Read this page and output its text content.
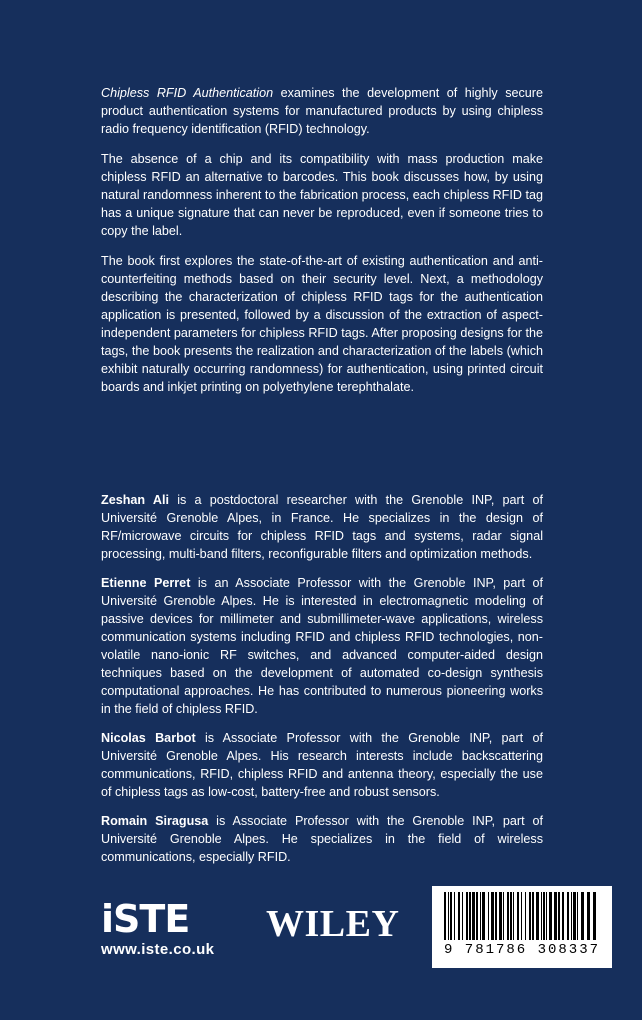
Chipless RFID Authentication examines the development of highly secure product authentication systems for manufactured products by using chipless radio frequency identification (RFID) technology.

The absence of a chip and its compatibility with mass production make chipless RFID an alternative to barcodes. This book discusses how, by using natural randomness inherent to the fabrication process, each chipless RFID tag has a unique signature that can never be reproduced, even if someone tries to copy the label.

The book first explores the state-of-the-art of existing authentication and anti-counterfeiting methods based on their security level. Next, a methodology describing the characterization of chipless RFID tags for the authentication application is presented, followed by a discussion of the extraction of aspect-independent parameters for chipless RFID tags. After proposing designs for the tags, the book presents the realization and characterization of the labels (which exhibit naturally occurring randomness) for authentication, using printed circuit boards and inkjet printing on polyethylene terephthalate.

Zeshan Ali is a postdoctoral researcher with the Grenoble INP, part of Université Grenoble Alpes, in France. He specializes in the design of RF/microwave circuits for chipless RFID tags and systems, radar signal processing, multi-band filters, reconfigurable filters and optimization methods.

Etienne Perret is an Associate Professor with the Grenoble INP, part of Université Grenoble Alpes. He is interested in electromagnetic modeling of passive devices for millimeter and submillimeter-wave applications, wireless communication systems including RFID and chipless RFID technologies, non-volatile nano-ionic RF switches, and advanced computer-aided design techniques based on the development of automated co-design synthesis computational approaches. He has contributed to numerous pioneering works in the field of chipless RFID.

Nicolas Barbot is Associate Professor with the Grenoble INP, part of Université Grenoble Alpes. His research interests include backscattering communications, RFID, chipless RFID and antenna theory, especially the use of chipless tags as low-cost, battery-free and robust sensors.

Romain Siragusa is Associate Professor with the Grenoble INP, part of Université Grenoble Alpes. He specializes in the field of wireless communications, especially RFID.

iSTE
www.iste.co.uk
WILEY
9 781786 308337
